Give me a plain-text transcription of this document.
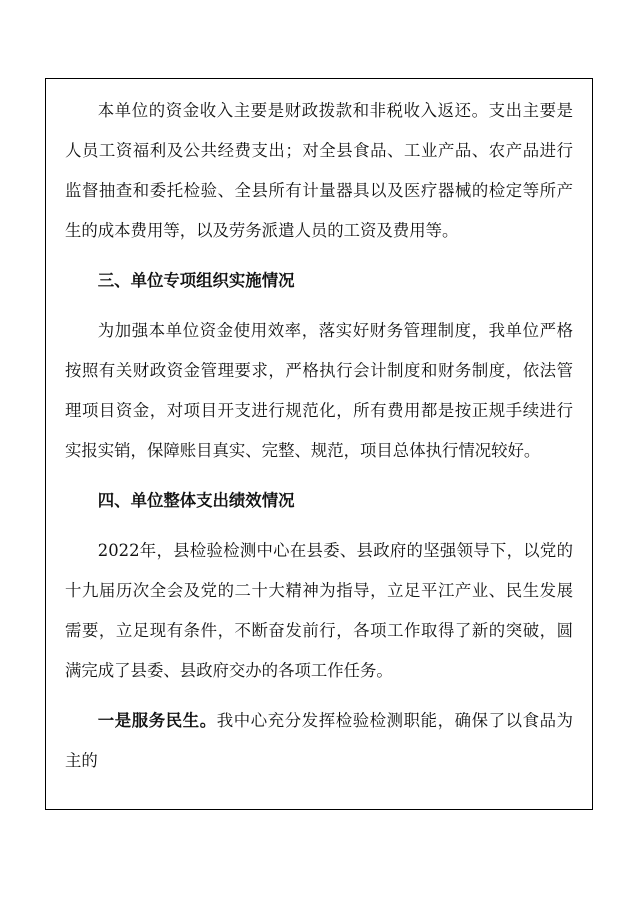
本单位的资金收入主要是财政拨款和非税收入返还。支出主要是人员工资福利及公共经费支出；对全县食品、工业产品、农产品进行监督抽查和委托检验、全县所有计量器具以及医疗器械的检定等所产生的成本费用等，以及劳务派遣人员的工资及费用等。

三、单位专项组织实施情况

为加强本单位资金使用效率，落实好财务管理制度，我单位严格按照有关财政资金管理要求，严格执行会计制度和财务制度，依法管理项目资金，对项目开支进行规范化，所有费用都是按正规手续进行实报实销，保障账目真实、完整、规范，项目总体执行情况较好。

四、单位整体支出绩效情况

2022年，县检验检测中心在县委、县政府的坚强领导下，以党的十九届历次全会及党的二十大精神为指导，立足平江产业、民生发展需要，立足现有条件，不断奋发前行，各项工作取得了新的突破，圆满完成了县委、县政府交办的各项工作任务。

一是服务民生。我中心充分发挥检验检测职能，确保了以食品为主的
